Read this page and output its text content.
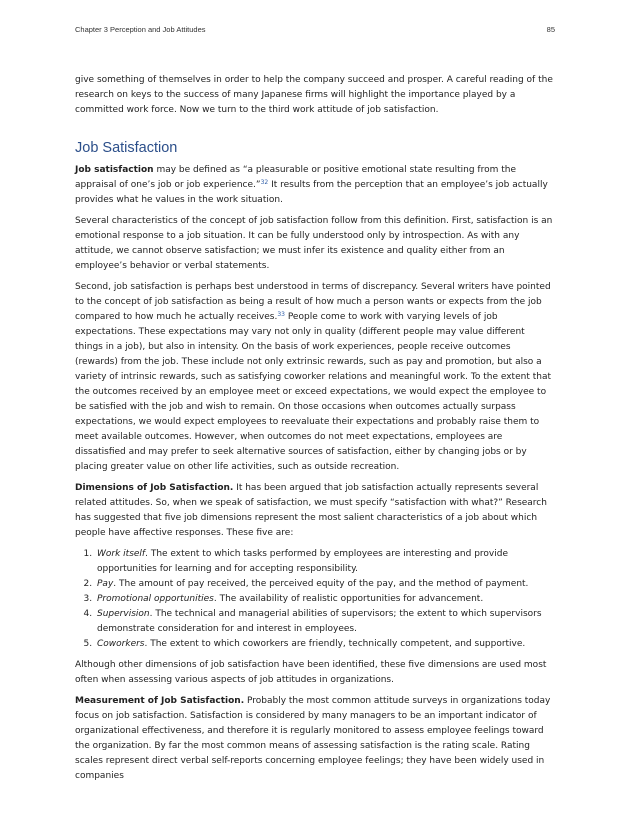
Chapter 3 Perception and Job Attitudes	85

give something of themselves in order to help the company succeed and prosper. A careful reading of the research on keys to the success of many Japanese firms will highlight the importance played by a committed work force. Now we turn to the third work attitude of job satisfaction.

Job Satisfaction

Job satisfaction may be defined as “a pleasurable or positive emotional state resulting from the appraisal of one’s job or job experience.”$^{32}$ It results from the perception that an employee’s job actually provides what he values in the work situation.

Several characteristics of the concept of job satisfaction follow from this definition. First, satisfaction is an emotional response to a job situation. It can be fully understood only by introspection. As with any attitude, we cannot observe satisfaction; we must infer its existence and quality either from an employee’s behavior or verbal statements.

Second, job satisfaction is perhaps best understood in terms of discrepancy. Several writers have pointed to the concept of job satisfaction as being a result of how much a person wants or expects from the job compared to how much he actually receives.$^{33}$ People come to work with varying levels of job expectations. These expectations may vary not only in quality (different people may value different things in a job), but also in intensity. On the basis of work experiences, people receive outcomes (rewards) from the job. These include not only extrinsic rewards, such as pay and promotion, but also a variety of intrinsic rewards, such as satisfying coworker relations and meaningful work. To the extent that the outcomes received by an employee meet or exceed expectations, we would expect the employee to be satisfied with the job and wish to remain. On those occasions when outcomes actually surpass expectations, we would expect employees to reevaluate their expectations and probably raise them to meet available outcomes. However, when outcomes do not meet expectations, employees are dissatisfied and may prefer to seek alternative sources of satisfaction, either by changing jobs or by placing greater value on other life activities, such as outside recreation.

Dimensions of Job Satisfaction. It has been argued that job satisfaction actually represents several related attitudes. So, when we speak of satisfaction, we must specify “satisfaction with what?” Research has suggested that five job dimensions represent the most salient characteristics of a job about which people have affective responses. These five are:

1. Work itself. The extent to which tasks performed by employees are interesting and provide opportunities for learning and for accepting responsibility.
2. Pay. The amount of pay received, the perceived equity of the pay, and the method of payment.
3. Promotional opportunities. The availability of realistic opportunities for advancement.
4. Supervision. The technical and managerial abilities of supervisors; the extent to which supervisors demonstrate consideration for and interest in employees.
5. Coworkers. The extent to which coworkers are friendly, technically competent, and supportive.

Although other dimensions of job satisfaction have been identified, these five dimensions are used most often when assessing various aspects of job attitudes in organizations.

Measurement of Job Satisfaction. Probably the most common attitude surveys in organizations today focus on job satisfaction. Satisfaction is considered by many managers to be an important indicator of organizational effectiveness, and therefore it is regularly monitored to assess employee feelings toward the organization. By far the most common means of assessing satisfaction is the rating scale. Rating scales represent direct verbal self-reports concerning employee feelings; they have been widely used in companies
